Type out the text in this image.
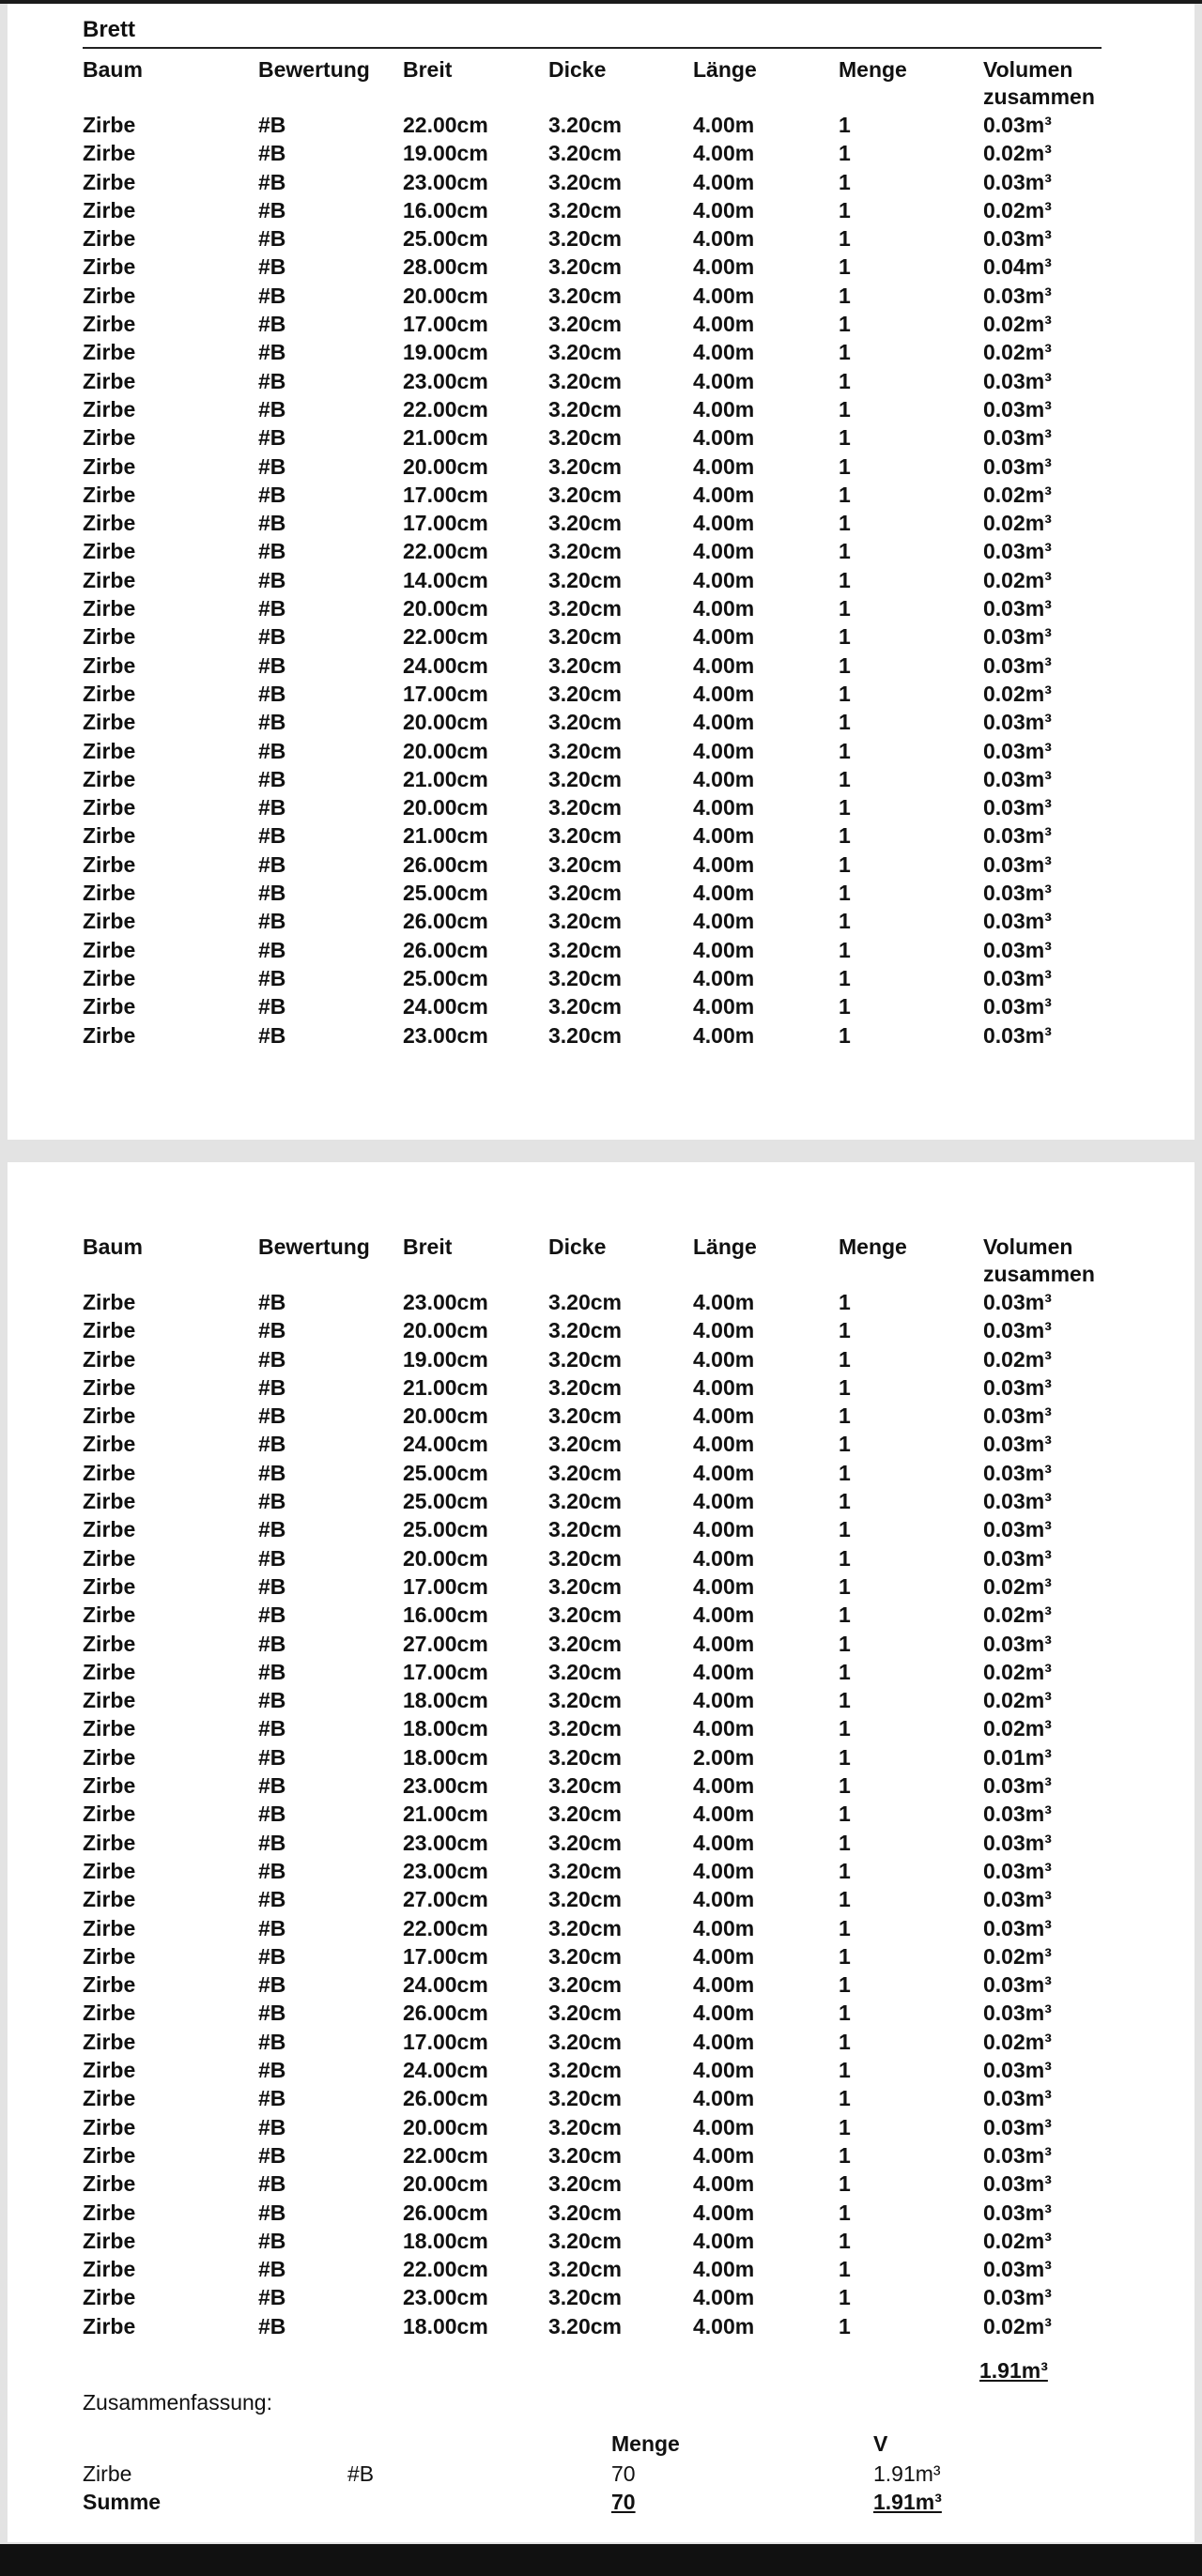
Brett
Baum	Bewertung	Breit	Dicke	Länge	Menge	Volumen
zusammen
Zirbe	#B	22.00cm	3.20cm	4.00m	1	0.03m³
Zirbe	#B	19.00cm	3.20cm	4.00m	1	0.02m³
Zirbe	#B	23.00cm	3.20cm	4.00m	1	0.03m³
Zirbe	#B	16.00cm	3.20cm	4.00m	1	0.02m³
Zirbe	#B	25.00cm	3.20cm	4.00m	1	0.03m³
Zirbe	#B	28.00cm	3.20cm	4.00m	1	0.04m³
Zirbe	#B	20.00cm	3.20cm	4.00m	1	0.03m³
Zirbe	#B	17.00cm	3.20cm	4.00m	1	0.02m³
Zirbe	#B	19.00cm	3.20cm	4.00m	1	0.02m³
Zirbe	#B	23.00cm	3.20cm	4.00m	1	0.03m³
Zirbe	#B	22.00cm	3.20cm	4.00m	1	0.03m³
Zirbe	#B	21.00cm	3.20cm	4.00m	1	0.03m³
Zirbe	#B	20.00cm	3.20cm	4.00m	1	0.03m³
Zirbe	#B	17.00cm	3.20cm	4.00m	1	0.02m³
Zirbe	#B	17.00cm	3.20cm	4.00m	1	0.02m³
Zirbe	#B	22.00cm	3.20cm	4.00m	1	0.03m³
Zirbe	#B	14.00cm	3.20cm	4.00m	1	0.02m³
Zirbe	#B	20.00cm	3.20cm	4.00m	1	0.03m³
Zirbe	#B	22.00cm	3.20cm	4.00m	1	0.03m³
Zirbe	#B	24.00cm	3.20cm	4.00m	1	0.03m³
Zirbe	#B	17.00cm	3.20cm	4.00m	1	0.02m³
Zirbe	#B	20.00cm	3.20cm	4.00m	1	0.03m³
Zirbe	#B	20.00cm	3.20cm	4.00m	1	0.03m³
Zirbe	#B	21.00cm	3.20cm	4.00m	1	0.03m³
Zirbe	#B	20.00cm	3.20cm	4.00m	1	0.03m³
Zirbe	#B	21.00cm	3.20cm	4.00m	1	0.03m³
Zirbe	#B	26.00cm	3.20cm	4.00m	1	0.03m³
Zirbe	#B	25.00cm	3.20cm	4.00m	1	0.03m³
Zirbe	#B	26.00cm	3.20cm	4.00m	1	0.03m³
Zirbe	#B	26.00cm	3.20cm	4.00m	1	0.03m³
Zirbe	#B	25.00cm	3.20cm	4.00m	1	0.03m³
Zirbe	#B	24.00cm	3.20cm	4.00m	1	0.03m³
Zirbe	#B	23.00cm	3.20cm	4.00m	1	0.03m³
Baum	Bewertung	Breit	Dicke	Länge	Menge	Volumen
zusammen
Zirbe	#B	23.00cm	3.20cm	4.00m	1	0.03m³
Zirbe	#B	20.00cm	3.20cm	4.00m	1	0.03m³
Zirbe	#B	19.00cm	3.20cm	4.00m	1	0.02m³
Zirbe	#B	21.00cm	3.20cm	4.00m	1	0.03m³
Zirbe	#B	20.00cm	3.20cm	4.00m	1	0.03m³
Zirbe	#B	24.00cm	3.20cm	4.00m	1	0.03m³
Zirbe	#B	25.00cm	3.20cm	4.00m	1	0.03m³
Zirbe	#B	25.00cm	3.20cm	4.00m	1	0.03m³
Zirbe	#B	25.00cm	3.20cm	4.00m	1	0.03m³
Zirbe	#B	20.00cm	3.20cm	4.00m	1	0.03m³
Zirbe	#B	17.00cm	3.20cm	4.00m	1	0.02m³
Zirbe	#B	16.00cm	3.20cm	4.00m	1	0.02m³
Zirbe	#B	27.00cm	3.20cm	4.00m	1	0.03m³
Zirbe	#B	17.00cm	3.20cm	4.00m	1	0.02m³
Zirbe	#B	18.00cm	3.20cm	4.00m	1	0.02m³
Zirbe	#B	18.00cm	3.20cm	4.00m	1	0.02m³
Zirbe	#B	18.00cm	3.20cm	2.00m	1	0.01m³
Zirbe	#B	23.00cm	3.20cm	4.00m	1	0.03m³
Zirbe	#B	21.00cm	3.20cm	4.00m	1	0.03m³
Zirbe	#B	23.00cm	3.20cm	4.00m	1	0.03m³
Zirbe	#B	23.00cm	3.20cm	4.00m	1	0.03m³
Zirbe	#B	27.00cm	3.20cm	4.00m	1	0.03m³
Zirbe	#B	22.00cm	3.20cm	4.00m	1	0.03m³
Zirbe	#B	17.00cm	3.20cm	4.00m	1	0.02m³
Zirbe	#B	24.00cm	3.20cm	4.00m	1	0.03m³
Zirbe	#B	26.00cm	3.20cm	4.00m	1	0.03m³
Zirbe	#B	17.00cm	3.20cm	4.00m	1	0.02m³
Zirbe	#B	24.00cm	3.20cm	4.00m	1	0.03m³
Zirbe	#B	26.00cm	3.20cm	4.00m	1	0.03m³
Zirbe	#B	20.00cm	3.20cm	4.00m	1	0.03m³
Zirbe	#B	22.00cm	3.20cm	4.00m	1	0.03m³
Zirbe	#B	20.00cm	3.20cm	4.00m	1	0.03m³
Zirbe	#B	26.00cm	3.20cm	4.00m	1	0.03m³
Zirbe	#B	18.00cm	3.20cm	4.00m	1	0.02m³
Zirbe	#B	22.00cm	3.20cm	4.00m	1	0.03m³
Zirbe	#B	23.00cm	3.20cm	4.00m	1	0.03m³
Zirbe	#B	18.00cm	3.20cm	4.00m	1	0.02m³
1.91m³
Zusammenfassung:
Menge	V
Zirbe	#B	70	1.91m³
Summe	70	1.91m³
